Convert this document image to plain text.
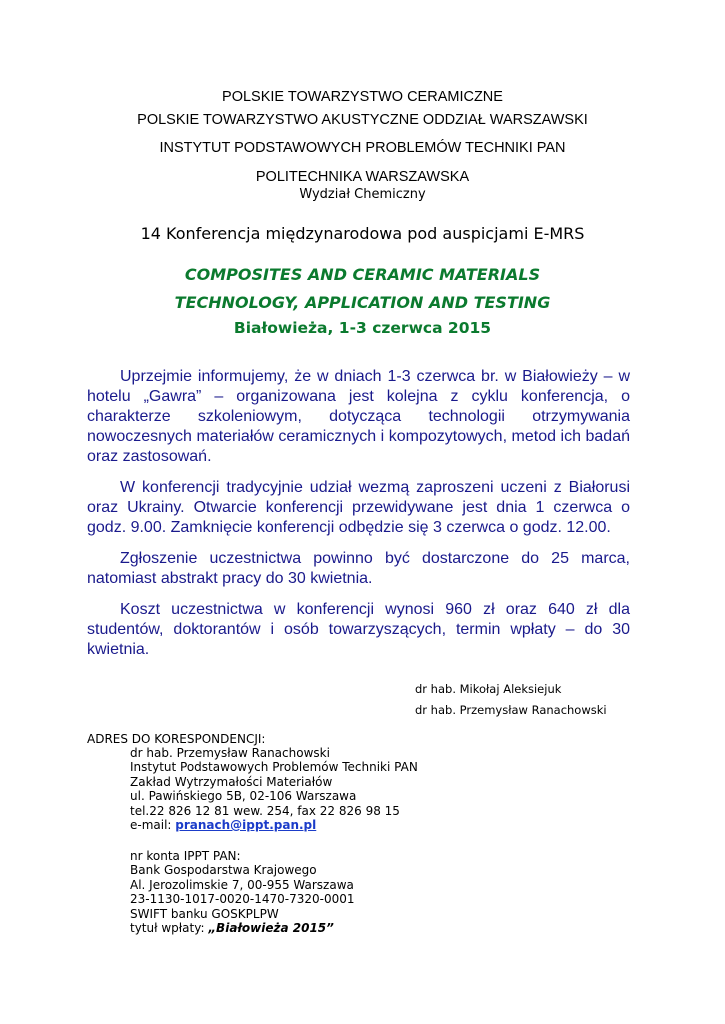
POLSKIE TOWARZYSTWO CERAMICZNE
POLSKIE TOWARZYSTWO AKUSTYCZNE ODDZIAŁ WARSZAWSKI
INSTYTUT PODSTAWOWYCH PROBLEMÓW TECHNIKI PAN
POLITECHNIKA WARSZAWSKA
Wydział Chemiczny
14 Konferencja międzynarodowa pod auspicjami E-MRS
COMPOSITES AND CERAMIC MATERIALS
TECHNOLOGY, APPLICATION AND TESTING
Białowieża, 1-3 czerwca 2015

Uprzejmie informujemy, że w dniach 1-3 czerwca br. w Białowieży – w hotelu „Gawra” – organizowana jest kolejna z cyklu konferencja, o charakterze szkoleniowym, dotycząca technologii otrzymywania nowoczesnych materiałów ceramicznych i kompozytowych, metod ich badań oraz zastosowań.

W konferencji tradycyjnie udział wezmą zaproszeni uczeni z Białorusi oraz Ukrainy. Otwarcie konferencji przewidywane jest dnia 1 czerwca o godz. 9.00. Zamknięcie konferencji odbędzie się 3 czerwca o godz. 12.00.

Zgłoszenie uczestnictwa powinno być dostarczone do 25 marca, natomiast abstrakt pracy do 30 kwietnia.

Koszt uczestnictwa w konferencji wynosi 960 zł oraz 640 zł dla studentów, doktorantów i osób towarzyszących, termin wpłaty – do 30 kwietnia.

dr hab. Mikołaj Aleksiejuk
dr hab. Przemysław Ranachowski
ADRES DO KORESPONDENCJI:
dr hab. Przemysław Ranachowski
Instytut Podstawowych Problemów Techniki PAN
Zakład Wytrzymałości Materiałów
ul. Pawińskiego 5B, 02-106 Warszawa
tel.22 826 12 81 wew. 254, fax 22 826 98 15
e-mail: pranach@ippt.pan.pl
nr konta IPPT PAN:
Bank Gospodarstwa Krajowego
Al. Jerozolimskie 7, 00-955 Warszawa
23-1130-1017-0020-1470-7320-0001
SWIFT banku GOSKPLPW
tytuł wpłaty: „Białowieża 2015”
